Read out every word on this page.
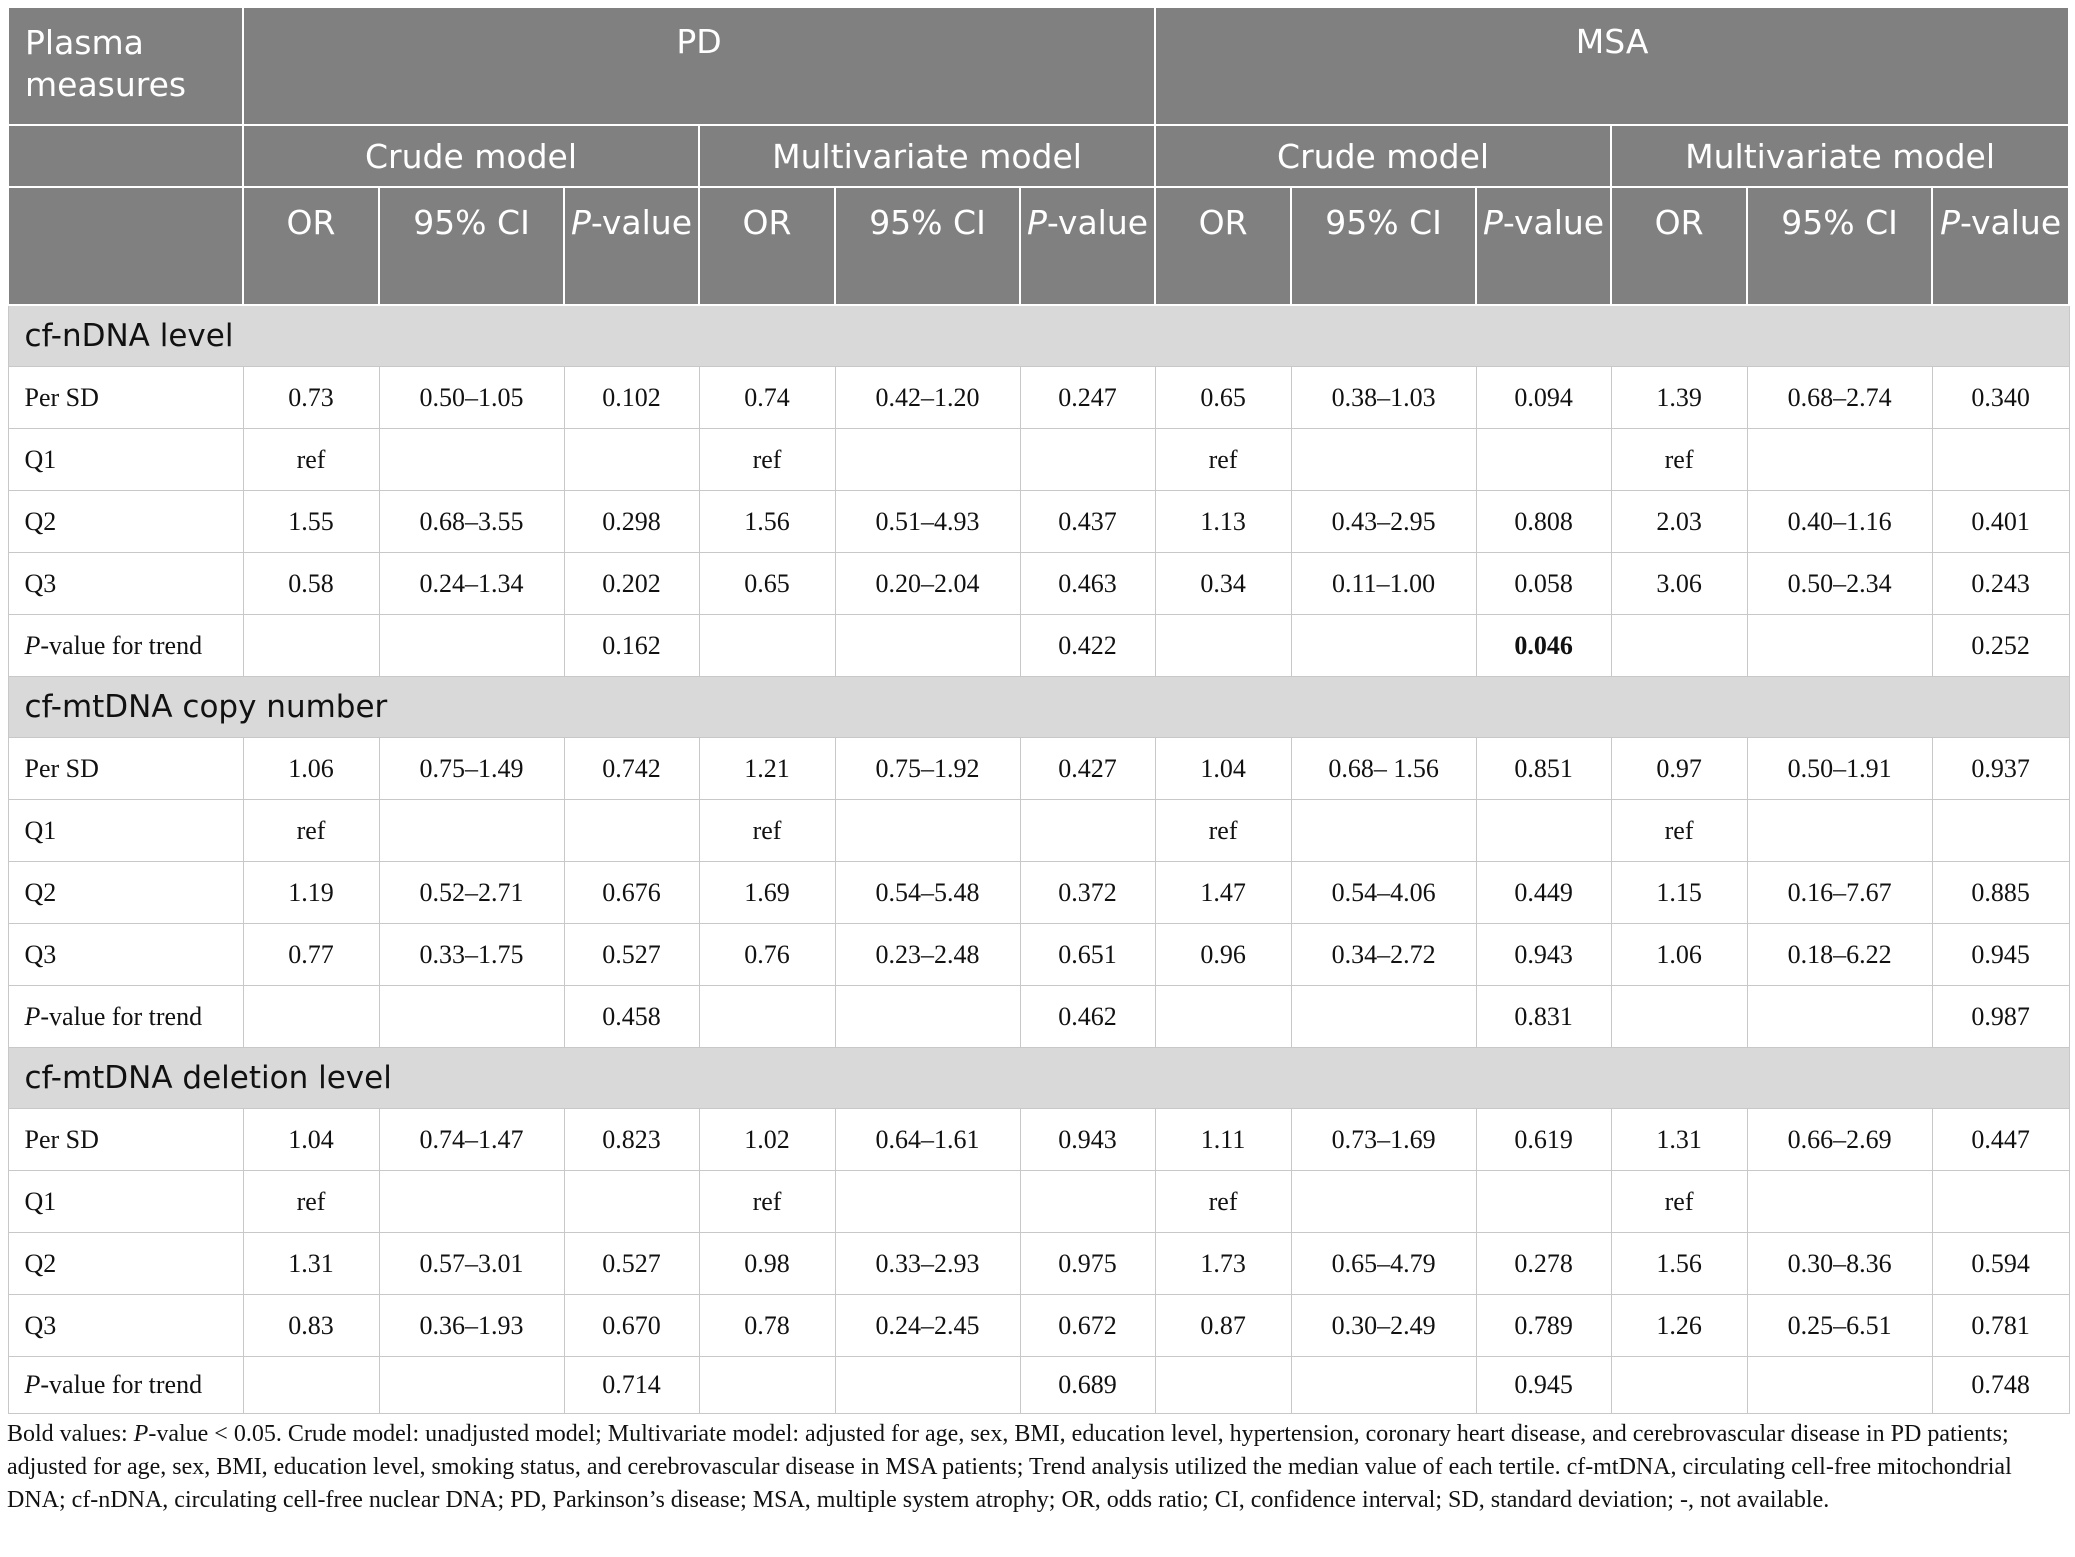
Plasma measures	PD						MSA					
	Crude model			Multivariate model			Crude model			Multivariate model		
	OR	95% CI	P-value	OR	95% CI	P-value	OR	95% CI	P-value	OR	95% CI	P-value
cf-nDNA level												
Per SD	0.73	0.50–1.05	0.102	0.74	0.42–1.20	0.247	0.65	0.38–1.03	0.094	1.39	0.68–2.74	0.340
Q1	ref			ref			ref			ref		
Q2	1.55	0.68–3.55	0.298	1.56	0.51–4.93	0.437	1.13	0.43–2.95	0.808	2.03	0.40–1.16	0.401
Q3	0.58	0.24–1.34	0.202	0.65	0.20–2.04	0.463	0.34	0.11–1.00	0.058	3.06	0.50–2.34	0.243
P-value for trend			0.162			0.422			0.046			0.252
cf-mtDNA copy number												
Per SD	1.06	0.75–1.49	0.742	1.21	0.75–1.92	0.427	1.04	0.68– 1.56	0.851	0.97	0.50–1.91	0.937
Q1	ref			ref			ref			ref		
Q2	1.19	0.52–2.71	0.676	1.69	0.54–5.48	0.372	1.47	0.54–4.06	0.449	1.15	0.16–7.67	0.885
Q3	0.77	0.33–1.75	0.527	0.76	0.23–2.48	0.651	0.96	0.34–2.72	0.943	1.06	0.18–6.22	0.945
P-value for trend			0.458			0.462			0.831			0.987
cf-mtDNA deletion level												
Per SD	1.04	0.74–1.47	0.823	1.02	0.64–1.61	0.943	1.11	0.73–1.69	0.619	1.31	0.66–2.69	0.447
Q1	ref			ref			ref			ref		
Q2	1.31	0.57–3.01	0.527	0.98	0.33–2.93	0.975	1.73	0.65–4.79	0.278	1.56	0.30–8.36	0.594
Q3	0.83	0.36–1.93	0.670	0.78	0.24–2.45	0.672	0.87	0.30–2.49	0.789	1.26	0.25–6.51	0.781
P-value for trend			0.714			0.689			0.945			0.748
Bold values: P-value < 0.05. Crude model: unadjusted model; Multivariate model: adjusted for age, sex, BMI, education level, hypertension, coronary heart disease, and cerebrovascular disease in PD patients; adjusted for age, sex, BMI, education level, smoking status, and cerebrovascular disease in MSA patients; Trend analysis utilized the median value of each tertile. cf-mtDNA, circulating cell-free mitochondrial DNA; cf-nDNA, circulating cell-free nuclear DNA; PD, Parkinson’s disease; MSA, multiple system atrophy; OR, odds ratio; CI, confidence interval; SD, standard deviation; -, not available.
